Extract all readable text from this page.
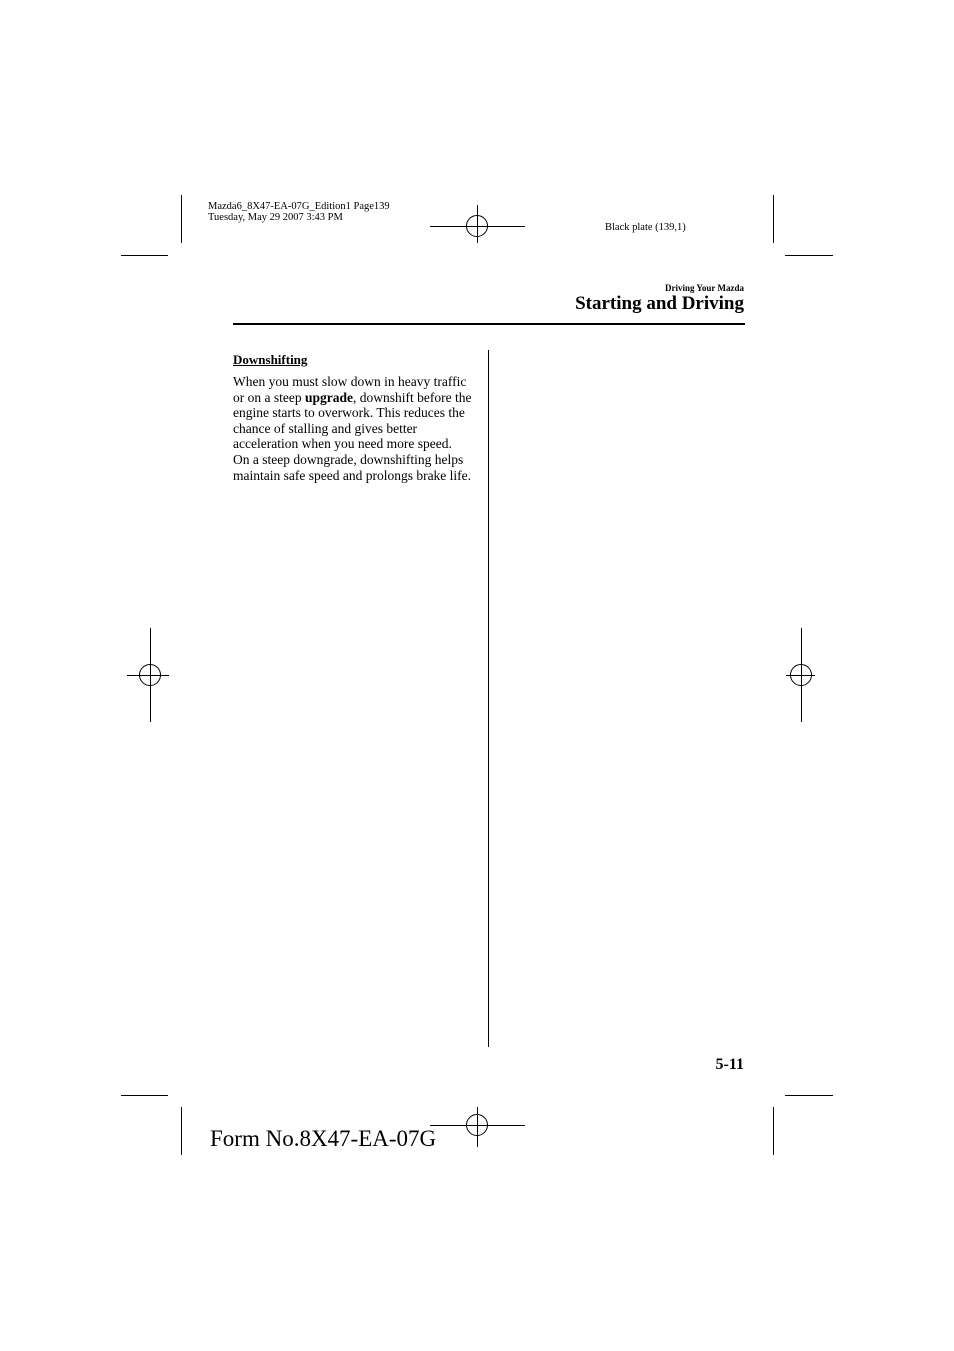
Mazda6_8X47-EA-07G_Edition1 Page139
Tuesday, May 29 2007 3:43 PM
Black plate (139,1)
Driving Your Mazda
Starting and Driving
Downshifting
When you must slow down in heavy traffic or on a steep upgrade, downshift before the engine starts to overwork. This reduces the chance of stalling and gives better acceleration when you need more speed.
On a steep downgrade, downshifting helps maintain safe speed and prolongs brake life.
5-11
Form No.8X47-EA-07G
